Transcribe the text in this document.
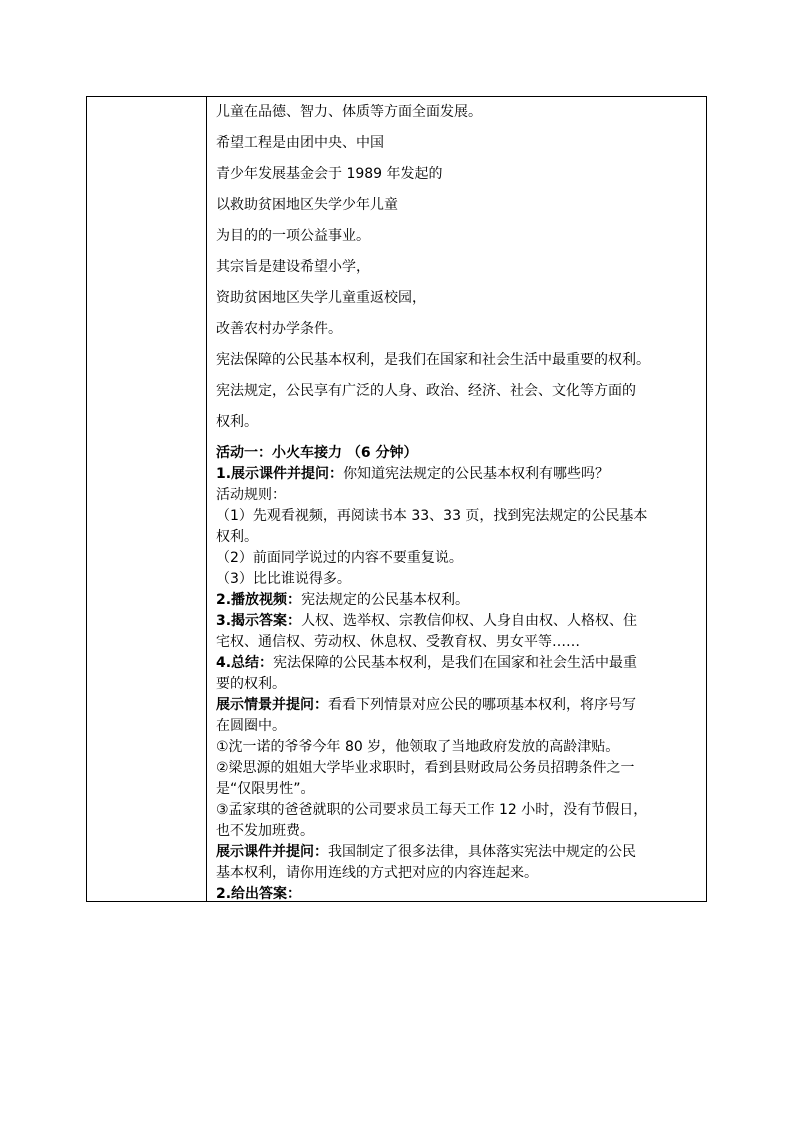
儿童在品德、智力、体质等方面全面发展。
希望工程是由团中央、中国
青少年发展基金会于 1989 年发起的
以救助贫困地区失学少年儿童
为目的的一项公益事业。
其宗旨是建设希望小学，
资助贫困地区失学儿童重返校园，
改善农村办学条件。
宪法保障的公民基本权利，是我们在国家和社会生活中最重要的权利。
宪法规定，公民享有广泛的人身、政治、经济、社会、文化等方面的
权利。
活动一：小火车接力 （6 分钟）
1.展示课件并提问：你知道宪法规定的公民基本权利有哪些吗？
活动规则：
（1）先观看视频，再阅读书本 33、33 页，找到宪法规定的公民基本
权利。
（2）前面同学说过的内容不要重复说。
（3）比比谁说得多。
2.播放视频：宪法规定的公民基本权利。
3.揭示答案：人权、选举权、宗教信仰权、人身自由权、人格权、住
宅权、通信权、劳动权、休息权、受教育权、男女平等……
4.总结：宪法保障的公民基本权利，是我们在国家和社会生活中最重
要的权利。
展示情景并提问：看看下列情景对应公民的哪项基本权利，将序号写
在圆圈中。
①沈一诺的爷爷今年 80 岁，他领取了当地政府发放的高龄津贴。
②梁思源的姐姐大学毕业求职时，看到县财政局公务员招聘条件之一
是“仅限男性”。
③孟家琪的爸爸就职的公司要求员工每天工作 12 小时，没有节假日，
也不发加班费。
展示课件并提问：我国制定了很多法律，具体落实宪法中规定的公民
基本权利，请你用连线的方式把对应的内容连起来。
2.给出答案：
